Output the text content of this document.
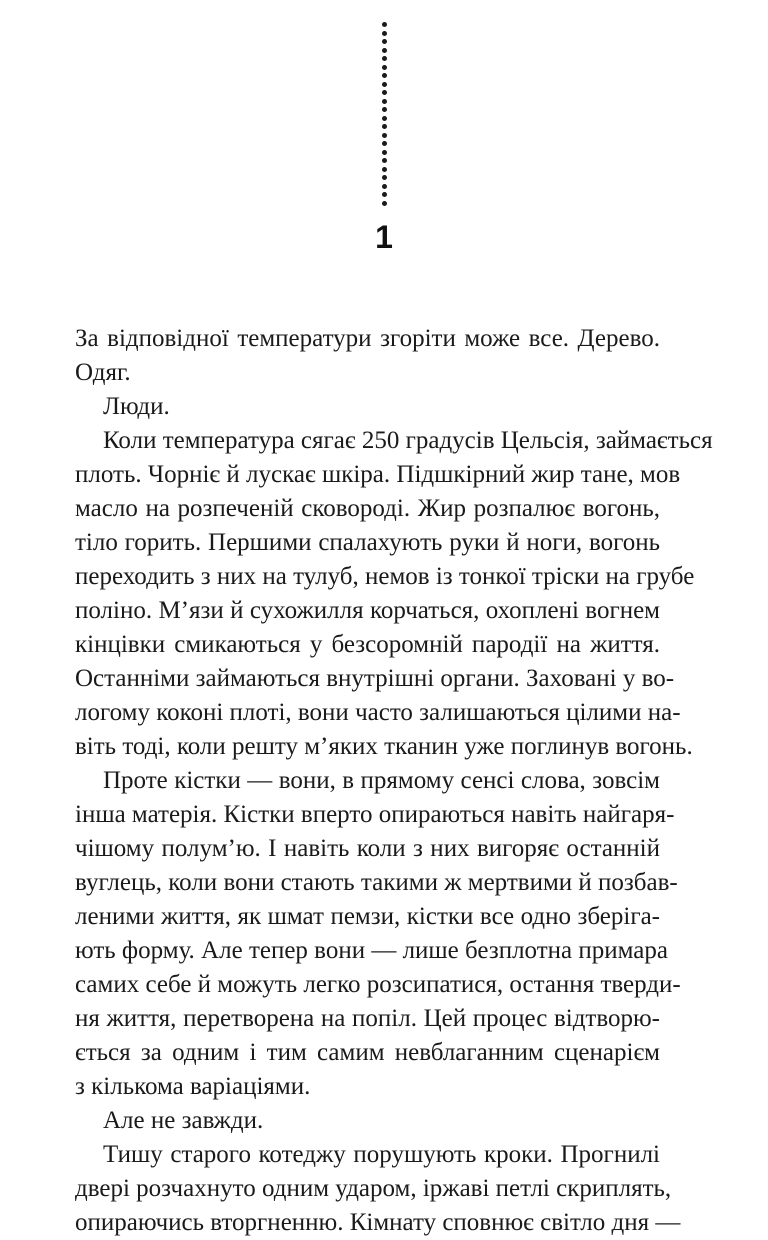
1

За відповідної температури згоріти може все. Дерево.
Одяг.

Люди.

Коли температура сягає 250 градусів Цельсія, займається
плоть. Чорніє й лускає шкіра. Підшкірний жир тане, мов
масло на розпеченій сковороді. Жир розпалює вогонь,
тіло горить. Першими спалахують руки й ноги, вогонь
переходить з них на тулуб, немов із тонкої тріски на грубе
поліно. М’язи й сухожилля корчаться, охоплені вогнем
кінцівки смикаються у безсоромній пародії на життя.
Останніми займаються внутрішні органи. Заховані у во-
логому коконі плоті, вони часто залишаються цілими на-
віть тоді, коли решту м’яких тканин уже поглинув вогонь.

Проте кістки — вони, в прямому сенсі слова, зовсім
інша матерія. Кістки вперто опираються навіть найгаря-
чішому полум’ю. І навіть коли з них вигоряє останній
вуглець, коли вони стають такими ж мертвими й позбав-
леними життя, як шмат пемзи, кістки все одно зберіга-
ють форму. Але тепер вони — лише безплотна примара
самих себе й можуть легко розсипатися, остання тверди-
ня життя, перетворена на попіл. Цей процес відтворю-
ється за одним і тим самим невблаганним сценарієм
з кількома варіаціями.

Але не завжди.

Тишу старого котеджу порушують кроки. Прогнилі
двері розчахнуто одним ударом, іржаві петлі скриплять,
опираючись вторгненню. Кімнату сповнює світло дня —
